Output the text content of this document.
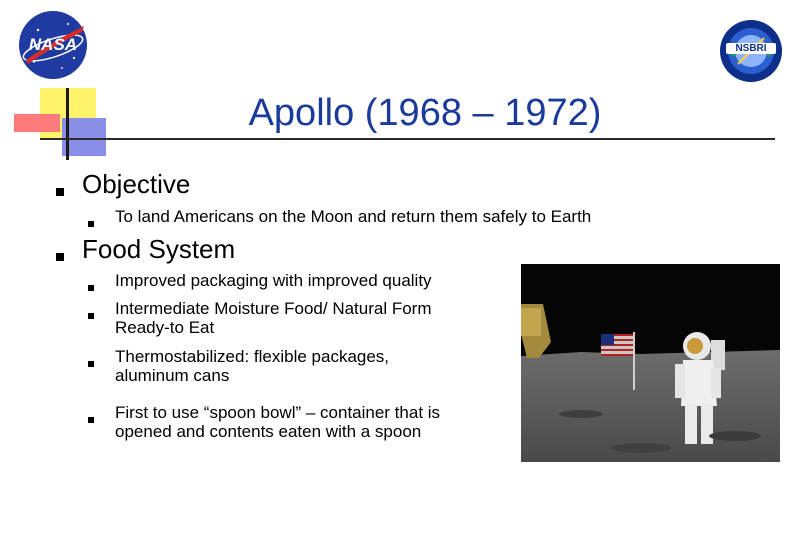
NASA	NSBRI
Apollo (1968 – 1972)
Objective
To land Americans on the Moon and return them safely to Earth
Food System
Improved packaging with improved quality
Intermediate Moisture Food/ Natural Form
Ready-to Eat
Thermostabilized: flexible packages,
aluminum cans
First to use “spoon bowl” – container that is
opened and contents eaten with a spoon
